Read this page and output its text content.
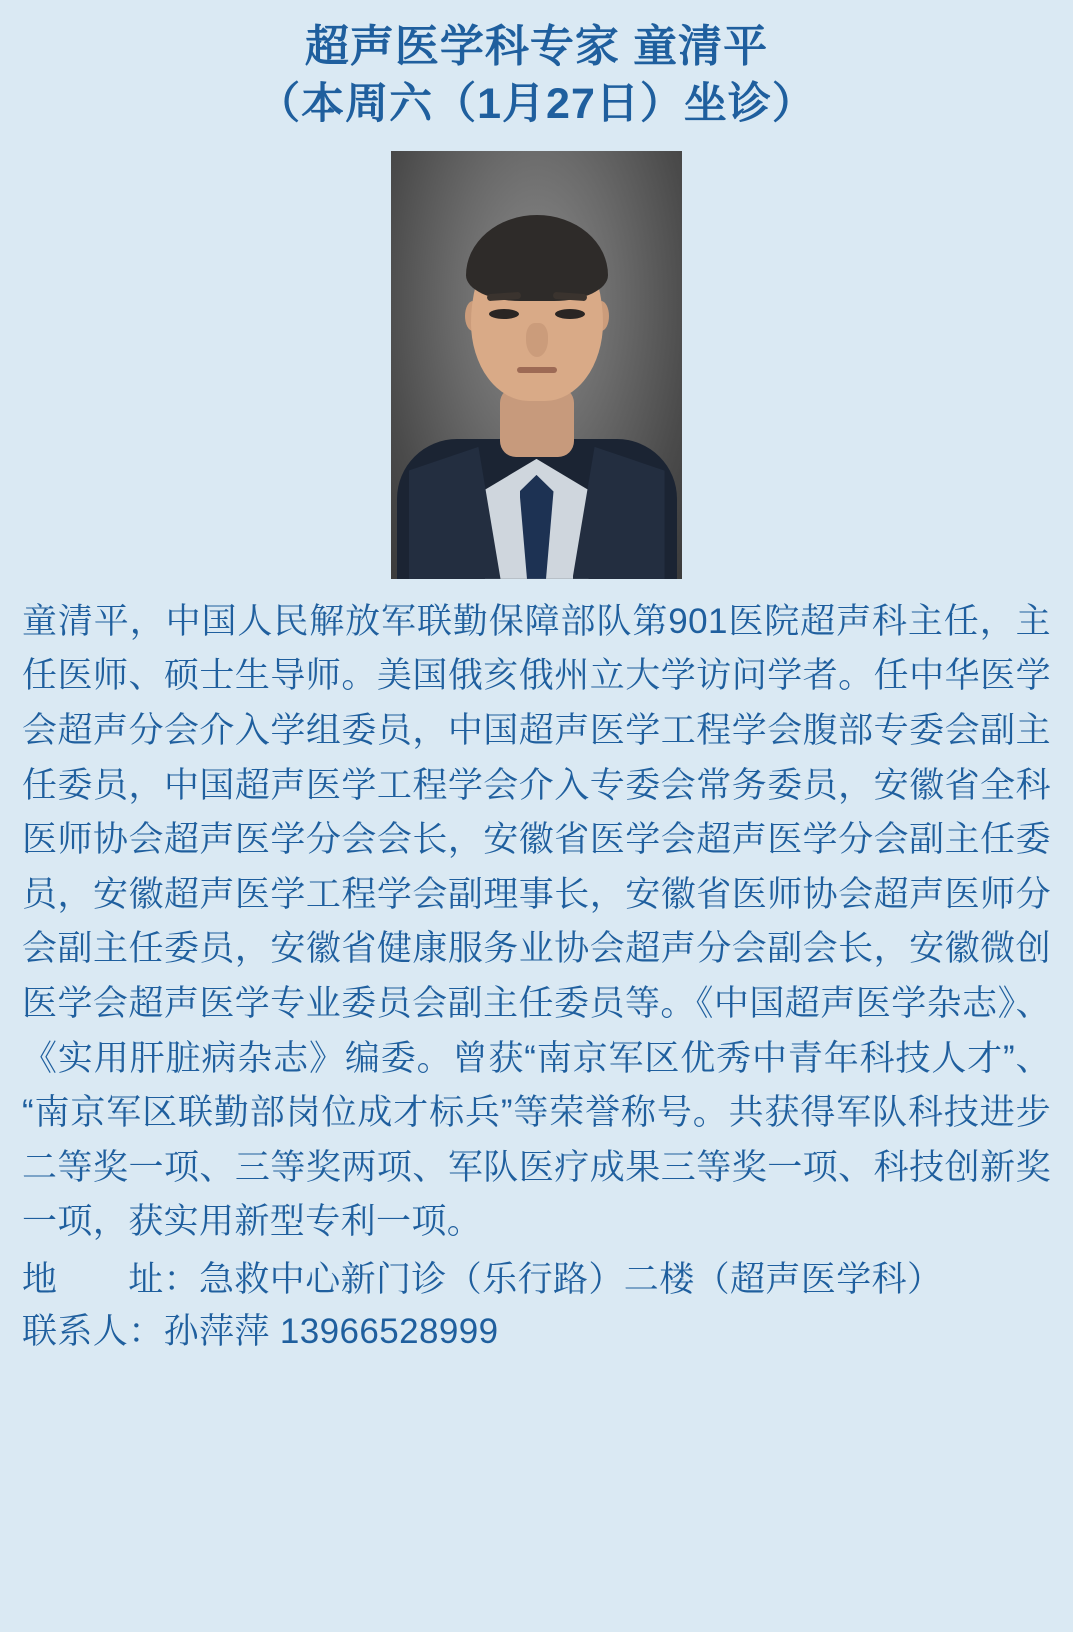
超声医学科专家 童清平
（本周六（1月27日）坐诊）
童清平，中国人民解放军联勤保障部队第901医院超声科主任，主任医师、硕士生导师。美国俄亥俄州立大学访问学者。任中华医学会超声分会介入学组委员，中国超声医学工程学会腹部专委会副主任委员，中国超声医学工程学会介入专委会常务委员，安徽省全科医师协会超声医学分会会长，安徽省医学会超声医学分会副主任委员，安徽超声医学工程学会副理事长，安徽省医师协会超声医师分会副主任委员，安徽省健康服务业协会超声分会副会长，安徽微创医学会超声医学专业委员会副主任委员等。《中国超声医学杂志》、《实用肝脏病杂志》编委。曾获“南京军区优秀中青年科技人才”、“南京军区联勤部岗位成才标兵”等荣誉称号。共获得军队科技进步二等奖一项、三等奖两项、军队医疗成果三等奖一项、科技创新奖一项，获实用新型专利一项。
地　　址：急救中心新门诊（乐行路）二楼（超声医学科）
联系人：孙萍萍 13966528999
